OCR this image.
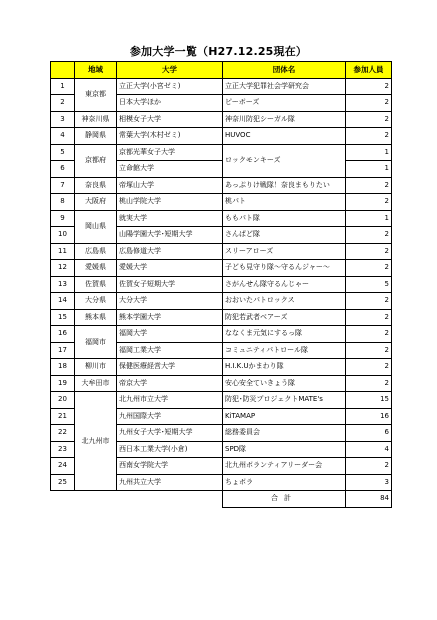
参加大学一覧（H27.12.25現在）
	地域	大学	団体名	参加人員
1	東京都	立正大学(小宮ゼミ)	立正大学犯罪社会学研究会	2
2		日本大学ほか	ピーボーズ	2
3	神奈川県	相模女子大学	神奈川防犯シーガル隊	2
4	静岡県	常葉大学(木村ゼミ)	HUVOC	2
5	京都府	京都光華女子大学	ロックモンキーズ	1
6		立命館大学		1
7	奈良県	帝塚山大学	あっぷりけ戦隊！奈良まもりたい	2
8	大阪府	桃山学院大学	桃パト	2
9	岡山県	就実大学	ももパト隊	1
10		山陽学園大学･短期大学	さんぱど隊	2
11	広島県	広島修道大学	スリーアローズ	2
12	愛媛県	愛媛大学	子ども見守り隊～守るんジャー～	2
13	佐賀県	佐賀女子短期大学	さがんせん隊守るんじゃー	5
14	大分県	大分大学	おおいたパトロックス	2
15	熊本県	熊本学園大学	防犯若武者ベアーズ	2
16	福岡市	福岡大学	ななくま元気にするっ隊	2
17		福岡工業大学	コミュニティパトロール隊	2
18	柳川市	保健医療経営大学	H.I.K.Uかまわり隊	2
19	大牟田市	帝京大学	安心安全ていきょう隊	2
20	北九州市	北九州市立大学	防犯･防災プロジェクトMATE's	15
21		九州国際大学	KiTAMAP	16
22		九州女子大学･短期大学	総務委員会	6
23		西日本工業大学(小倉)	SPD隊	4
24		西南女学院大学	北九州ボランティアリーダー会	2
25		九州共立大学	ちょボラ	3
			合計	84
